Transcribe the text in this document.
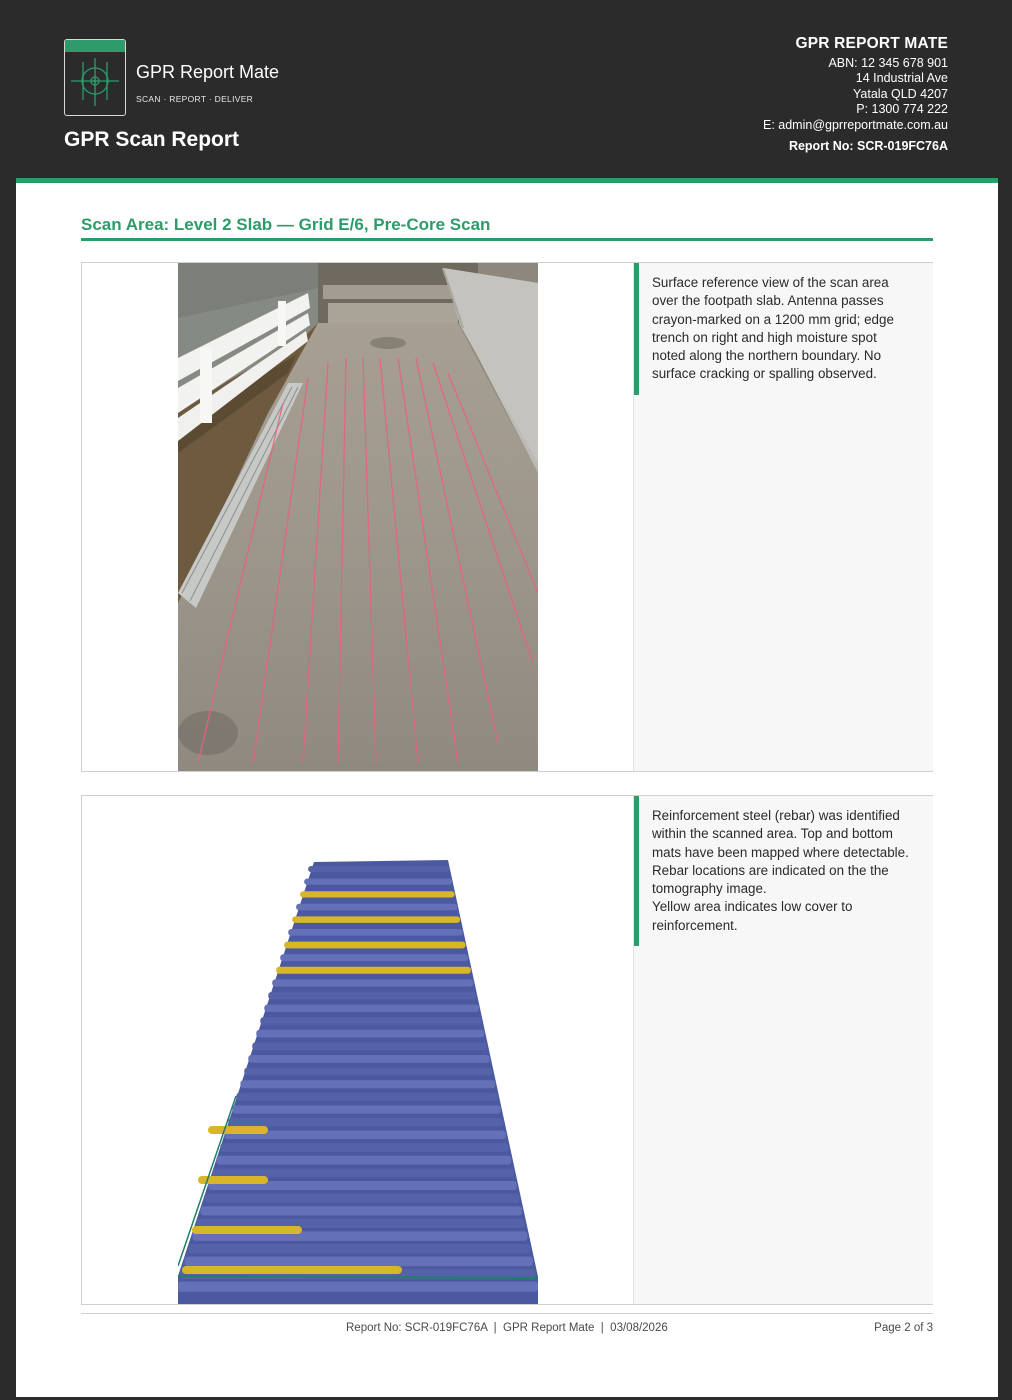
GPR Report Mate
SCAN · REPORT · DELIVER
GPR Scan Report
GPR REPORT MATE
ABN: 12 345 678 901
14 Industrial Ave
Yatala QLD 4207
P: 1300 774 222
E: admin@gprreportmate.com.au
Report No: SCR-019FC76A
Scan Area: Level 2 Slab — Grid E/6, Pre-Core Scan
Surface reference view of the scan area over the footpath slab. Antenna passes crayon-marked on a 1200 mm grid; edge trench on right and high moisture spot noted along the northern boundary. No surface cracking or spalling observed.
Reinforcement steel (rebar) was identified within the scanned area. Top and bottom mats have been mapped where detectable. Rebar locations are indicated on the the tomography image.
Yellow area indicates low cover to reinforcement.
Report No: SCR-019FC76A  |  GPR Report Mate  |  03/08/2026	Page 2 of 3
